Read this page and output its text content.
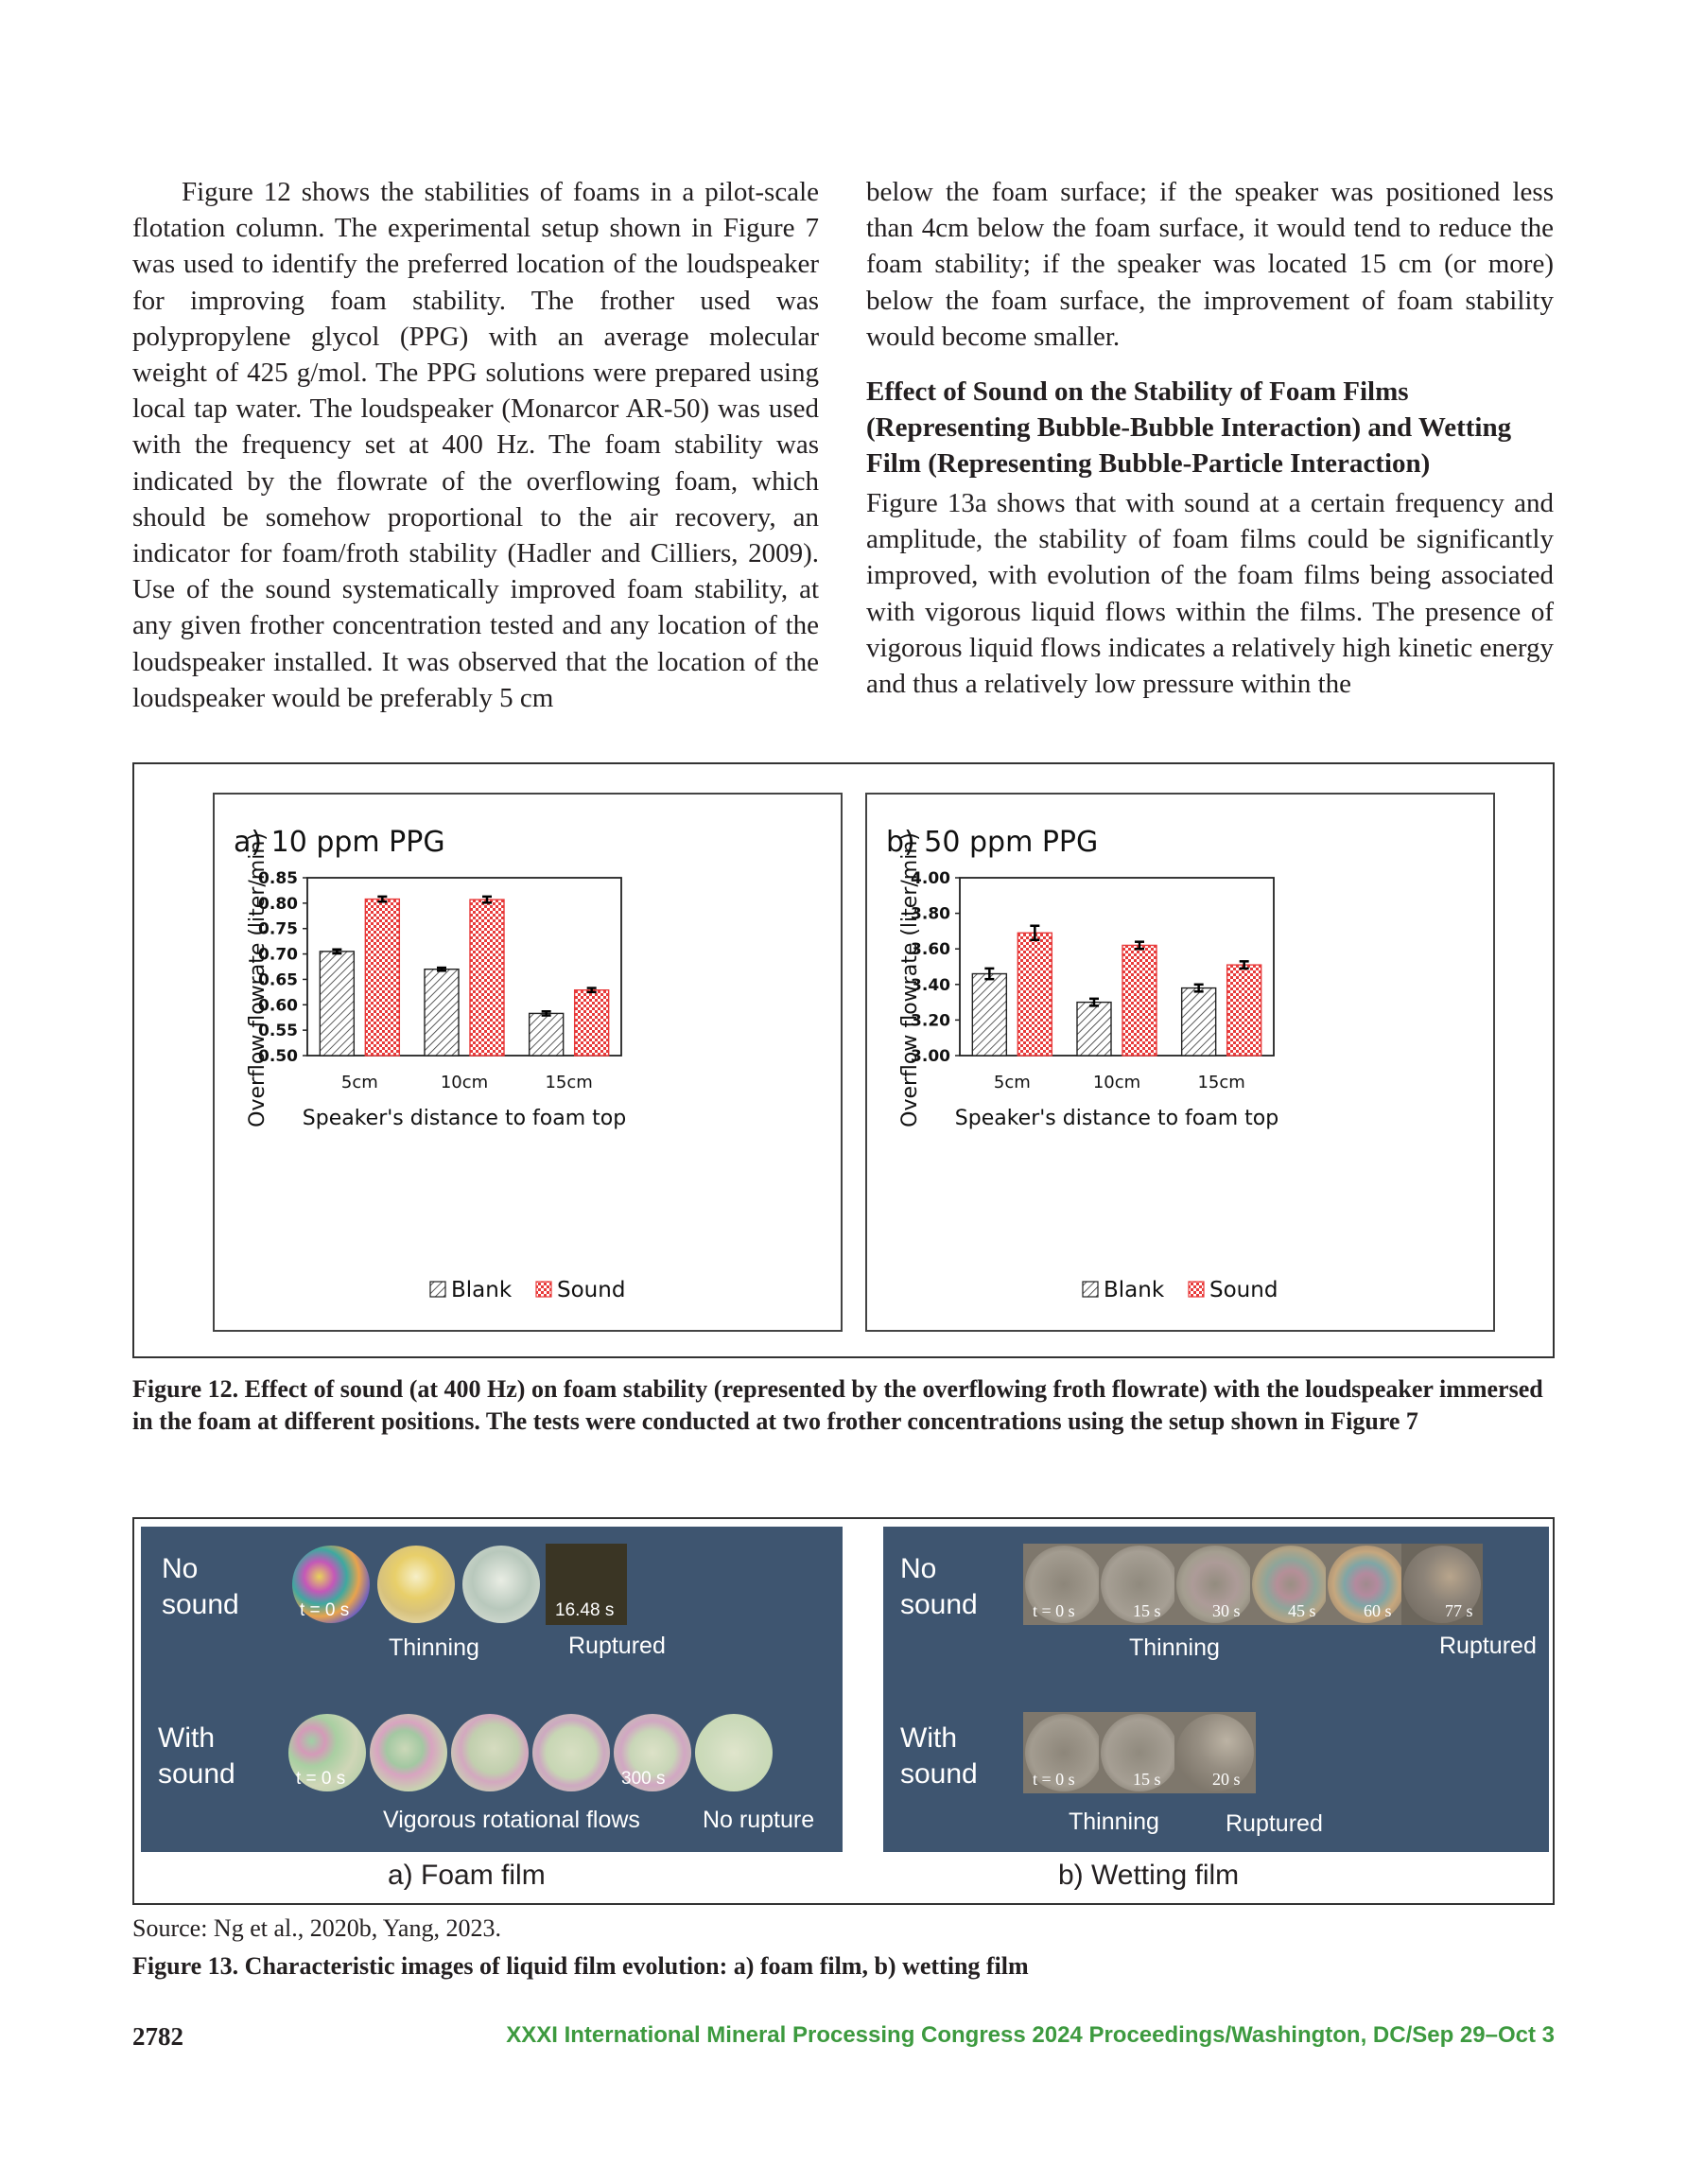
Figure 12 shows the stabilities of foams in a pilot-scale flotation column. The experimental setup shown in Figure 7 was used to identify the preferred location of the loudspeaker for improving foam stability. The frother used was polypropylene glycol (PPG) with an average molecular weight of 425 g/mol. The PPG solutions were prepared using local tap water. The loudspeaker (Monarcor AR-50) was used with the frequency set at 400 Hz. The foam stability was indicated by the flowrate of the overflowing foam, which should be somehow proportional to the air recovery, an indicator for foam/froth stability (Hadler and Cilliers, 2009). Use of the sound systematically improved foam stability, at any given frother concentration tested and any location of the loudspeaker installed. It was observed that the location of the loudspeaker would be preferably 5 cm

below the foam surface; if the speaker was positioned less than 4cm below the foam surface, it would tend to reduce the foam stability; if the speaker was located 15 cm (or more) below the foam surface, the improvement of foam stability would become smaller.

Effect of Sound on the Stability of Foam Films (Representing Bubble-Bubble Interaction) and Wetting Film (Representing Bubble-Particle Interaction)

Figure 13a shows that with sound at a certain frequency and amplitude, the stability of foam films could be significantly improved, with evolution of the foam films being associated with vigorous liquid flows within the films. The presence of vigorous liquid flows indicates a relatively high kinetic energy and thus a relatively low pressure within the

a) 10 ppm PPG
Overflow flowrate (liter/min)
0.85
0.80
0.75
0.70
0.65
0.60
0.55
0.50
5cm	10cm	15cm
Speaker's distance to foam top
Blank Sound
b) 50 ppm PPG
Overflow flowrate (liter/min)
4.00
3.80
3.60
3.40
3.20
3.00
5cm	10cm	15cm
Speaker's distance to foam top
Blank Sound
Figure 12. Effect of sound (at 400 Hz) on foam stability (represented by the overflowing froth flowrate) with the loudspeaker immersed in the foam at different positions. The tests were conducted at two frother concentrations using the setup shown in Figure 7
No sound	t = 0 s	16.48 s
Thinning	Ruptured
With sound	t = 0 s	300 s
Vigorous rotational flows	No rupture
No sound	t = 0 s	15 s	30 s	45 s	60 s	77 s
Thinning	Ruptured
With sound	t = 0 s	15 s	20 s
Thinning	Ruptured
a) Foam film	b) Wetting film
Source: Ng et al., 2020b, Yang, 2023.
Figure 13. Characteristic images of liquid film evolution: a) foam film, b) wetting film
2782	XXXI International Mineral Processing Congress 2024 Proceedings/Washington, DC/Sep 29–Oct 3
